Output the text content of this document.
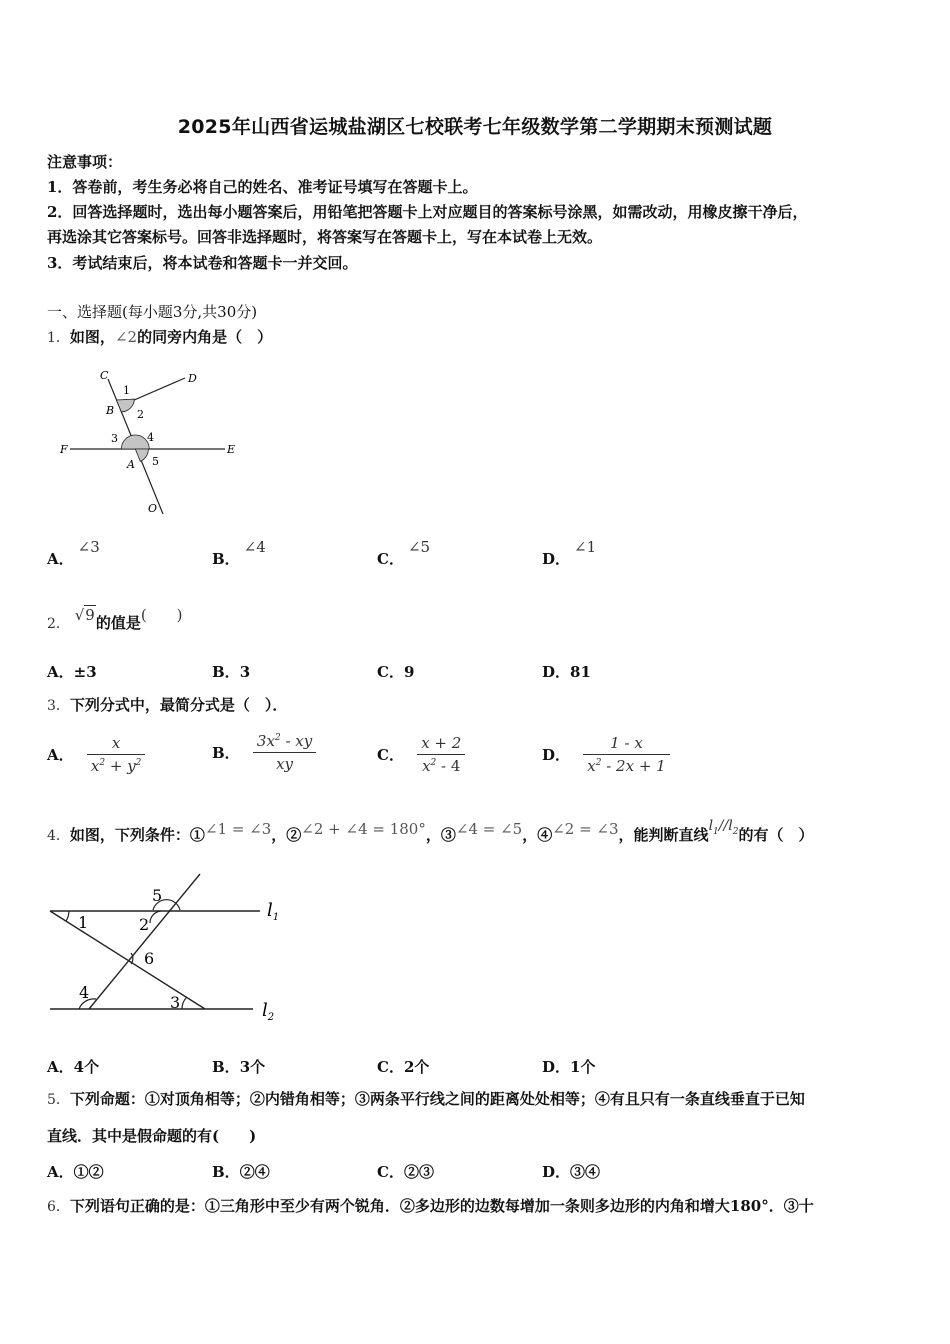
2025年山西省运城盐湖区七校联考七年级数学第二学期期末预测试题
注意事项：
1．答卷前，考生务必将自己的姓名、准考证号填写在答题卡上。
2．回答选择题时，选出每小题答案后，用铅笔把答题卡上对应题目的答案标号涂黑，如需改动，用橡皮擦干净后，
再选涂其它答案标号。回答非选择题时，将答案写在答题卡上，写在本试卷上无效。
3．考试结束后，将本试卷和答题卡一并交回。
一、选择题(每小题3分,共30分)
1．如图，∠2的同旁内角是（　）
C	D
1
B 2
3	4
F	E
A 5
O
A．∠3
B．∠4
C．∠5
D．∠1
2． √9的值是(　　)
A．±3	B．3	C．9	D．81
3．下列分式中，最简分式是（　）．
A． $\frac{x}{x^2 + y^2}$	B． $\frac{3x^2 - xy}{xy}$	C． $\frac{x + 2}{x^2 - 4}$	D． $\frac{1 - x}{x^2 - 2x + 1}$
4．如图，下列条件：①∠1 = ∠3，②∠2 + ∠4 = 180°，③∠4 = ∠5，④∠2 = ∠3，能判断直线$l_1//l_2$的有（　）
1	2
3
4
5
6
$l_1$
$l_2$
A．4个	B．3个	C．2个	D．1个
5．下列命题：①对顶角相等；②内错角相等；③两条平行线之间的距离处处相等；④有且只有一条直线垂直于已知
直线．其中是假命题的有(　　)
A．①②	B．②④	C．②③	D．③④
6．下列语句正确的是：①三角形中至少有两个锐角．②多边形的边数每增加一条则多边形的内角和增大180°．③十
